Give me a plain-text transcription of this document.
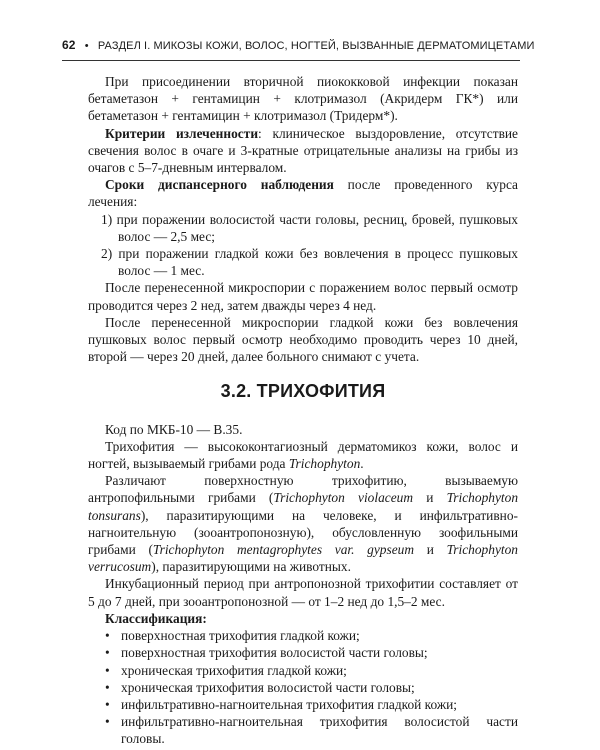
62 • РАЗДЕЛ I. МИКОЗЫ КОЖИ, ВОЛОС, НОГТЕЙ, ВЫЗВАННЫЕ ДЕРМАТОМИЦЕТАМИ

При присоединении вторичной пиококковой инфекции показан бетаметазон + гентамицин + клотримазол (Акридерм ГК*) или бетаметазон + гентамицин + клотримазол (Тридерм*).

Критерии излеченности: клиническое выздоровление, отсутствие свечения волос в очаге и 3-кратные отрицательные анализы на грибы из очагов с 5–7-дневным интервалом.

Сроки диспансерного наблюдения после проведенного курса лечения:

1) при поражении волосистой части головы, ресниц, бровей, пушковых волос — 2,5 мес;

2) при поражении гладкой кожи без вовлечения в процесс пушковых волос — 1 мес.

После перенесенной микроспории с поражением волос первый осмотр проводится через 2 нед, затем дважды через 4 нед.

После перенесенной микроспории гладкой кожи без вовлечения пушковых волос первый осмотр необходимо проводить через 10 дней, второй — через 20 дней, далее больного снимают с учета.

3.2. ТРИХОФИТИЯ

Код по МКБ-10 — В.35.

Трихофития — высококонтагиозный дерматомикоз кожи, волос и ногтей, вызываемый грибами рода Trichophyton.

Различают поверхностную трихофитию, вызываемую антропофильными грибами (Trichophyton violaceum и Trichophyton tonsurans), паразитирующими на человеке, и инфильтративно-нагноительную (зооантропонозную), обусловленную зоофильными грибами (Trichophyton mentagrophytes var. gypseum и Trichophyton verrucosum), паразитирующими на животных.

Инкубационный период при антропонозной трихофитии составляет от 5 до 7 дней, при зооантропонозной — от 1–2 нед до 1,5–2 мес.

Классификация:

• поверхностная трихофития гладкой кожи;
• поверхностная трихофития волосистой части головы;
• хроническая трихофития гладкой кожи;
• хроническая трихофития волосистой части головы;
• инфильтративно-нагноительная трихофития гладкой кожи;
• инфильтративно-нагноительная трихофития волосистой части головы.
